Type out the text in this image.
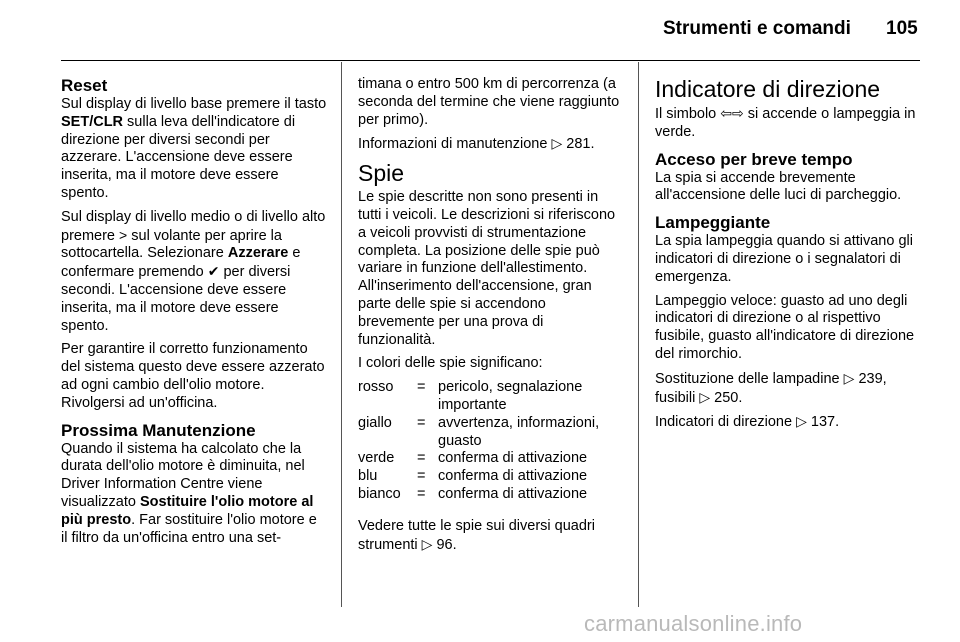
Strumenti e comandi 105
Reset

Sul display di livello base premere il tasto SET/CLR sulla leva dell'indicatore di direzione per diversi secondi per azzerare. L'accensione deve essere inserita, ma il motore deve essere spento.

Sul display di livello medio o di livello alto premere > sul volante per aprire la sottocartella. Selezionare Azzerare e confermare premendo ✔ per diversi secondi. L'accensione deve essere inserita, ma il motore deve essere spento.

Per garantire il corretto funzionamento del sistema questo deve essere azzerato ad ogni cambio dell'olio motore. Rivolgersi ad un'officina.

Prossima Manutenzione

Quando il sistema ha calcolato che la durata dell'olio motore è diminuita, nel Driver Information Centre viene visualizzato Sostituire l'olio motore al più presto. Far sostituire l'olio motore e il filtro da un'officina entro una set-

timana o entro 500 km di percorrenza (a seconda del termine che viene raggiunto per primo).

Informazioni di manutenzione ▷ 281.

Spie

Le spie descritte non sono presenti in tutti i veicoli. Le descrizioni si riferiscono a veicoli provvisti di strumentazione completa. La posizione delle spie può variare in funzione dell'allestimento. All'inserimento dell'accensione, gran parte delle spie si accendono brevemente per una prova di funzionalità.

I colori delle spie significano:

rosso	=	pericolo, segnalazione importante
giallo	=	avvertenza, informazioni, guasto
verde	=	conferma di attivazione
blu	=	conferma di attivazione
bianco	=	conferma di attivazione

Vedere tutte le spie sui diversi quadri strumenti ▷ 96.

Indicatore di direzione

Il simbolo ⇦⇨ si accende o lampeggia in verde.

Acceso per breve tempo

La spia si accende brevemente all'accensione delle luci di parcheggio.

Lampeggiante

La spia lampeggia quando si attivano gli indicatori di direzione o i segnalatori di emergenza.

Lampeggio veloce: guasto ad uno degli indicatori di direzione o al rispettivo fusibile, guasto all'indicatore di direzione del rimorchio.

Sostituzione delle lampadine ▷ 239,
fusibili ▷ 250.

Indicatori di direzione ▷ 137.

carmanualsonline.info
